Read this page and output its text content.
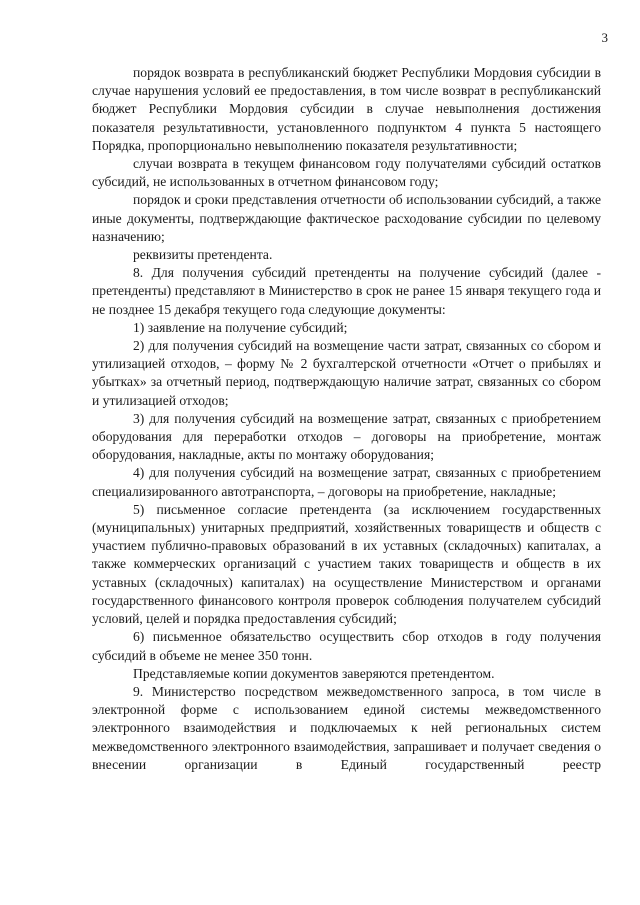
3

порядок возврата в республиканский бюджет Республики Мордовия субсидии в случае нарушения условий ее предоставления, в том числе возврат в республиканский бюджет Республики Мордовия субсидии в случае невыполнения достижения показателя результативности, установленного подпунктом 4 пункта 5 настоящего Порядка, пропорционально невыполнению показателя результативности;

случаи возврата в текущем финансовом году получателями субсидий остатков субсидий, не использованных в отчетном финансовом году;

порядок и сроки представления отчетности об использовании субсидий, а также иные документы, подтверждающие фактическое расходование субсидии по целевому назначению;

реквизиты претендента.

8. Для получения субсидий претенденты на получение субсидий (далее - претенденты) представляют в Министерство в срок не ранее 15 января текущего года и не позднее 15 декабря текущего года следующие документы:

1) заявление на получение субсидий;

2) для получения субсидий на возмещение части затрат, связанных со сбором и утилизацией отходов, – форму № 2 бухгалтерской отчетности «Отчет о прибылях и убытках» за отчетный период, подтверждающую наличие затрат, связанных со сбором и утилизацией отходов;

3) для получения субсидий на возмещение затрат, связанных с приобретением оборудования для переработки отходов – договоры на приобретение, монтаж оборудования, накладные, акты по монтажу оборудования;

4) для получения субсидий на возмещение затрат, связанных с приобретением специализированного автотранспорта, – договоры на приобретение, накладные;

5) письменное согласие претендента (за исключением государственных (муниципальных) унитарных предприятий, хозяйственных товариществ и обществ с участием публично-правовых образований в их уставных (складочных) капиталах, а также коммерческих организаций с участием таких товариществ и обществ в их уставных (складочных) капиталах) на осуществление Министерством и органами государственного финансового контроля проверок соблюдения получателем субсидий условий, целей и порядка предоставления субсидий;

6) письменное обязательство осуществить сбор отходов в году получения субсидий в объеме не менее 350 тонн.

Представляемые копии документов заверяются претендентом.

9. Министерство посредством межведомственного запроса, в том числе в электронной форме с использованием единой системы межведомственного электронного взаимодействия и подключаемых к ней региональных систем межведомственного электронного взаимодействия, запрашивает и получает сведения о внесении организации в Единый государственный реестр
